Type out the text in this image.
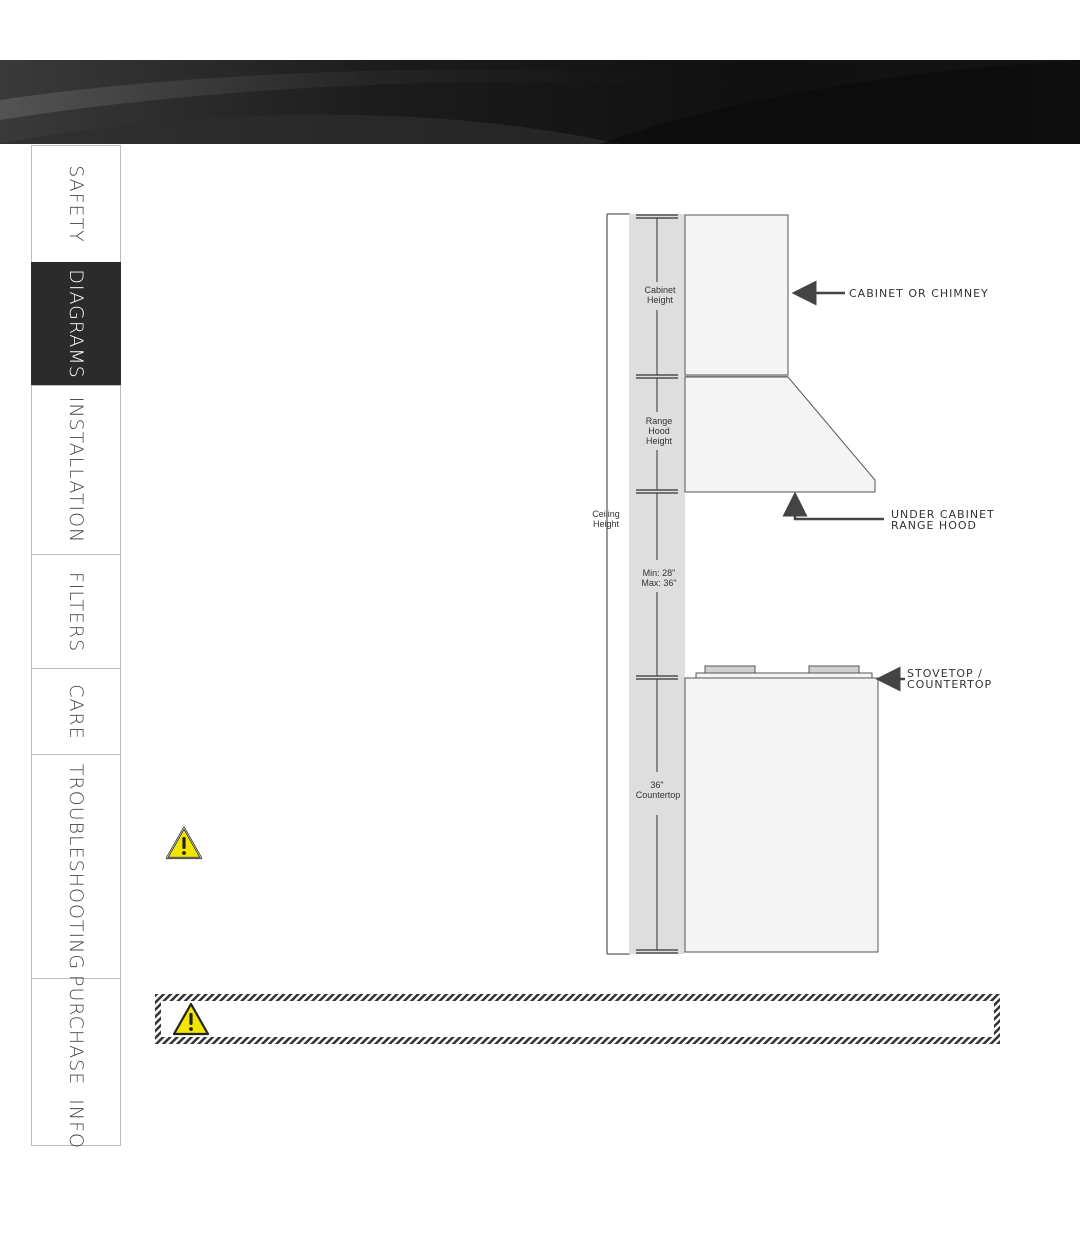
SAFETY
DIAGRAMS
INSTALLATION
FILTERS
CARE
TROUBLESHOOTING
PURCHASE  INFO
Cabinet
Height
Range
Hood
Height
Ceiling
Height
Min: 28"
Max: 36"
36"
Countertop
CABINET OR CHIMNEY
UNDER CABINET
RANGE HOOD
STOVETOP /
COUNTERTOP
